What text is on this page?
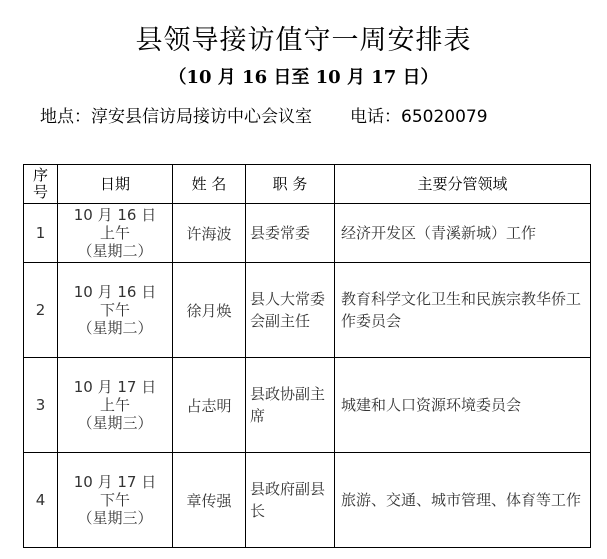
县领导接访值守一周安排表
（10 月 16 日至 10 月 17 日）
地点：淳安县信访局接访中心会议室 电话：65020079
序
号	日期	姓 名	职 务	主要分管领域
1	10 月 16 日
上午
（星期二）	许海波	县委常委	经济开发区（青溪新城）工作
2	10 月 16 日
下午
（星期二）	徐月焕	县人大常委会副主任	教育科学文化卫生和民族宗教华侨工作委员会
3	10 月 17 日
上午
（星期三）	占志明	县政协副主席	城建和人口资源环境委员会
4	10 月 17 日
下午
（星期三）	章传强	县政府副县长	旅游、交通、城市管理、体育等工作
